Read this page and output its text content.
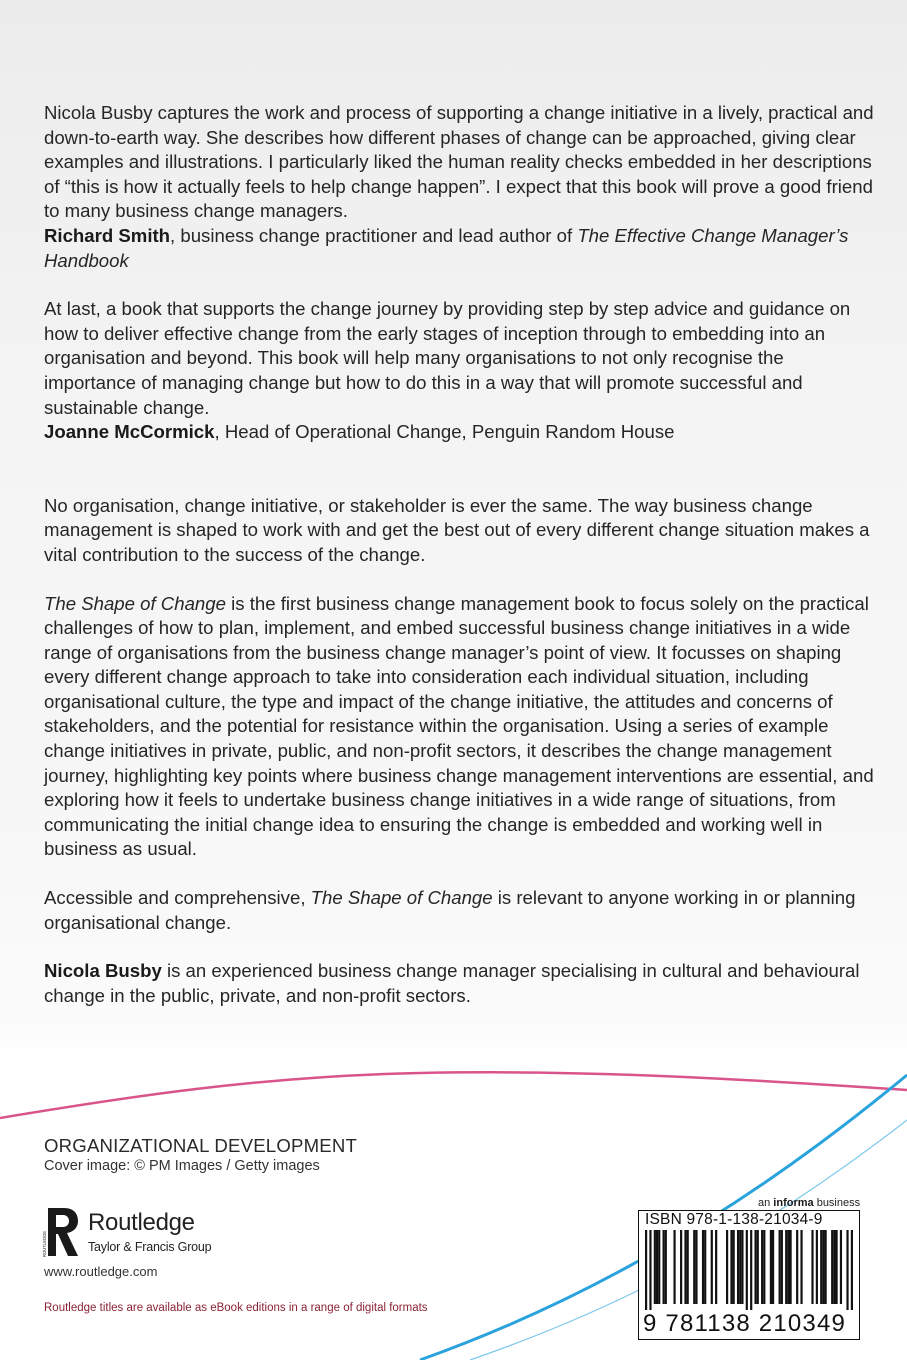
Nicola Busby captures the work and process of supporting a change initiative in a lively, practical and down-to-earth way. She describes how different phases of change can be approached, giving clear examples and illustrations. I particularly liked the human reality checks embedded in her descriptions of “this is how it actually feels to help change happen”. I expect that this book will prove a good friend to many business change managers.

Richard Smith, business change practitioner and lead author of The Effective Change Manager’s Handbook

At last, a book that supports the change journey by providing step by step advice and guidance on how to deliver effective change from the early stages of inception through to embedding into an organisation and beyond. This book will help many organisations to not only recognise the importance of managing change but how to do this in a way that will promote successful and sustainable change.

Joanne McCormick, Head of Operational Change, Penguin Random House

No organisation, change initiative, or stakeholder is ever the same. The way business change management is shaped to work with and get the best out of every different change situation makes a vital contribution to the success of the change.

The Shape of Change is the first business change management book to focus solely on the practical challenges of how to plan, implement, and embed successful business change initiatives in a wide range of organisations from the business change manager’s point of view. It focusses on shaping every different change approach to take into consideration each individual situation, including organisational culture, the type and impact of the change initiative, the attitudes and concerns of stakeholders, and the potential for resistance within the organisation. Using a series of example change initiatives in private, public, and non-profit sectors, it describes the change management journey, highlighting key points where business change management interventions are essential, and exploring how it feels to undertake business change initiatives in a wide range of situations, from communicating the initial change idea to ensuring the change is embedded and working well in business as usual.

Accessible and comprehensive, The Shape of Change is relevant to anyone working in or planning organisational change.

Nicola Busby is an experienced business change manager specialising in cultural and behavioural change in the public, private, and non-profit sectors.

ORGANIZATIONAL DEVELOPMENT
Cover image: © PM Images / Getty images
ROUTLEDGE
Routledge
Taylor & Francis Group
www.routledge.com
Routledge titles are available as eBook editions in a range of digital formats
an informa business
ISBN 978-1-138-21034-9
9 781138 210349
